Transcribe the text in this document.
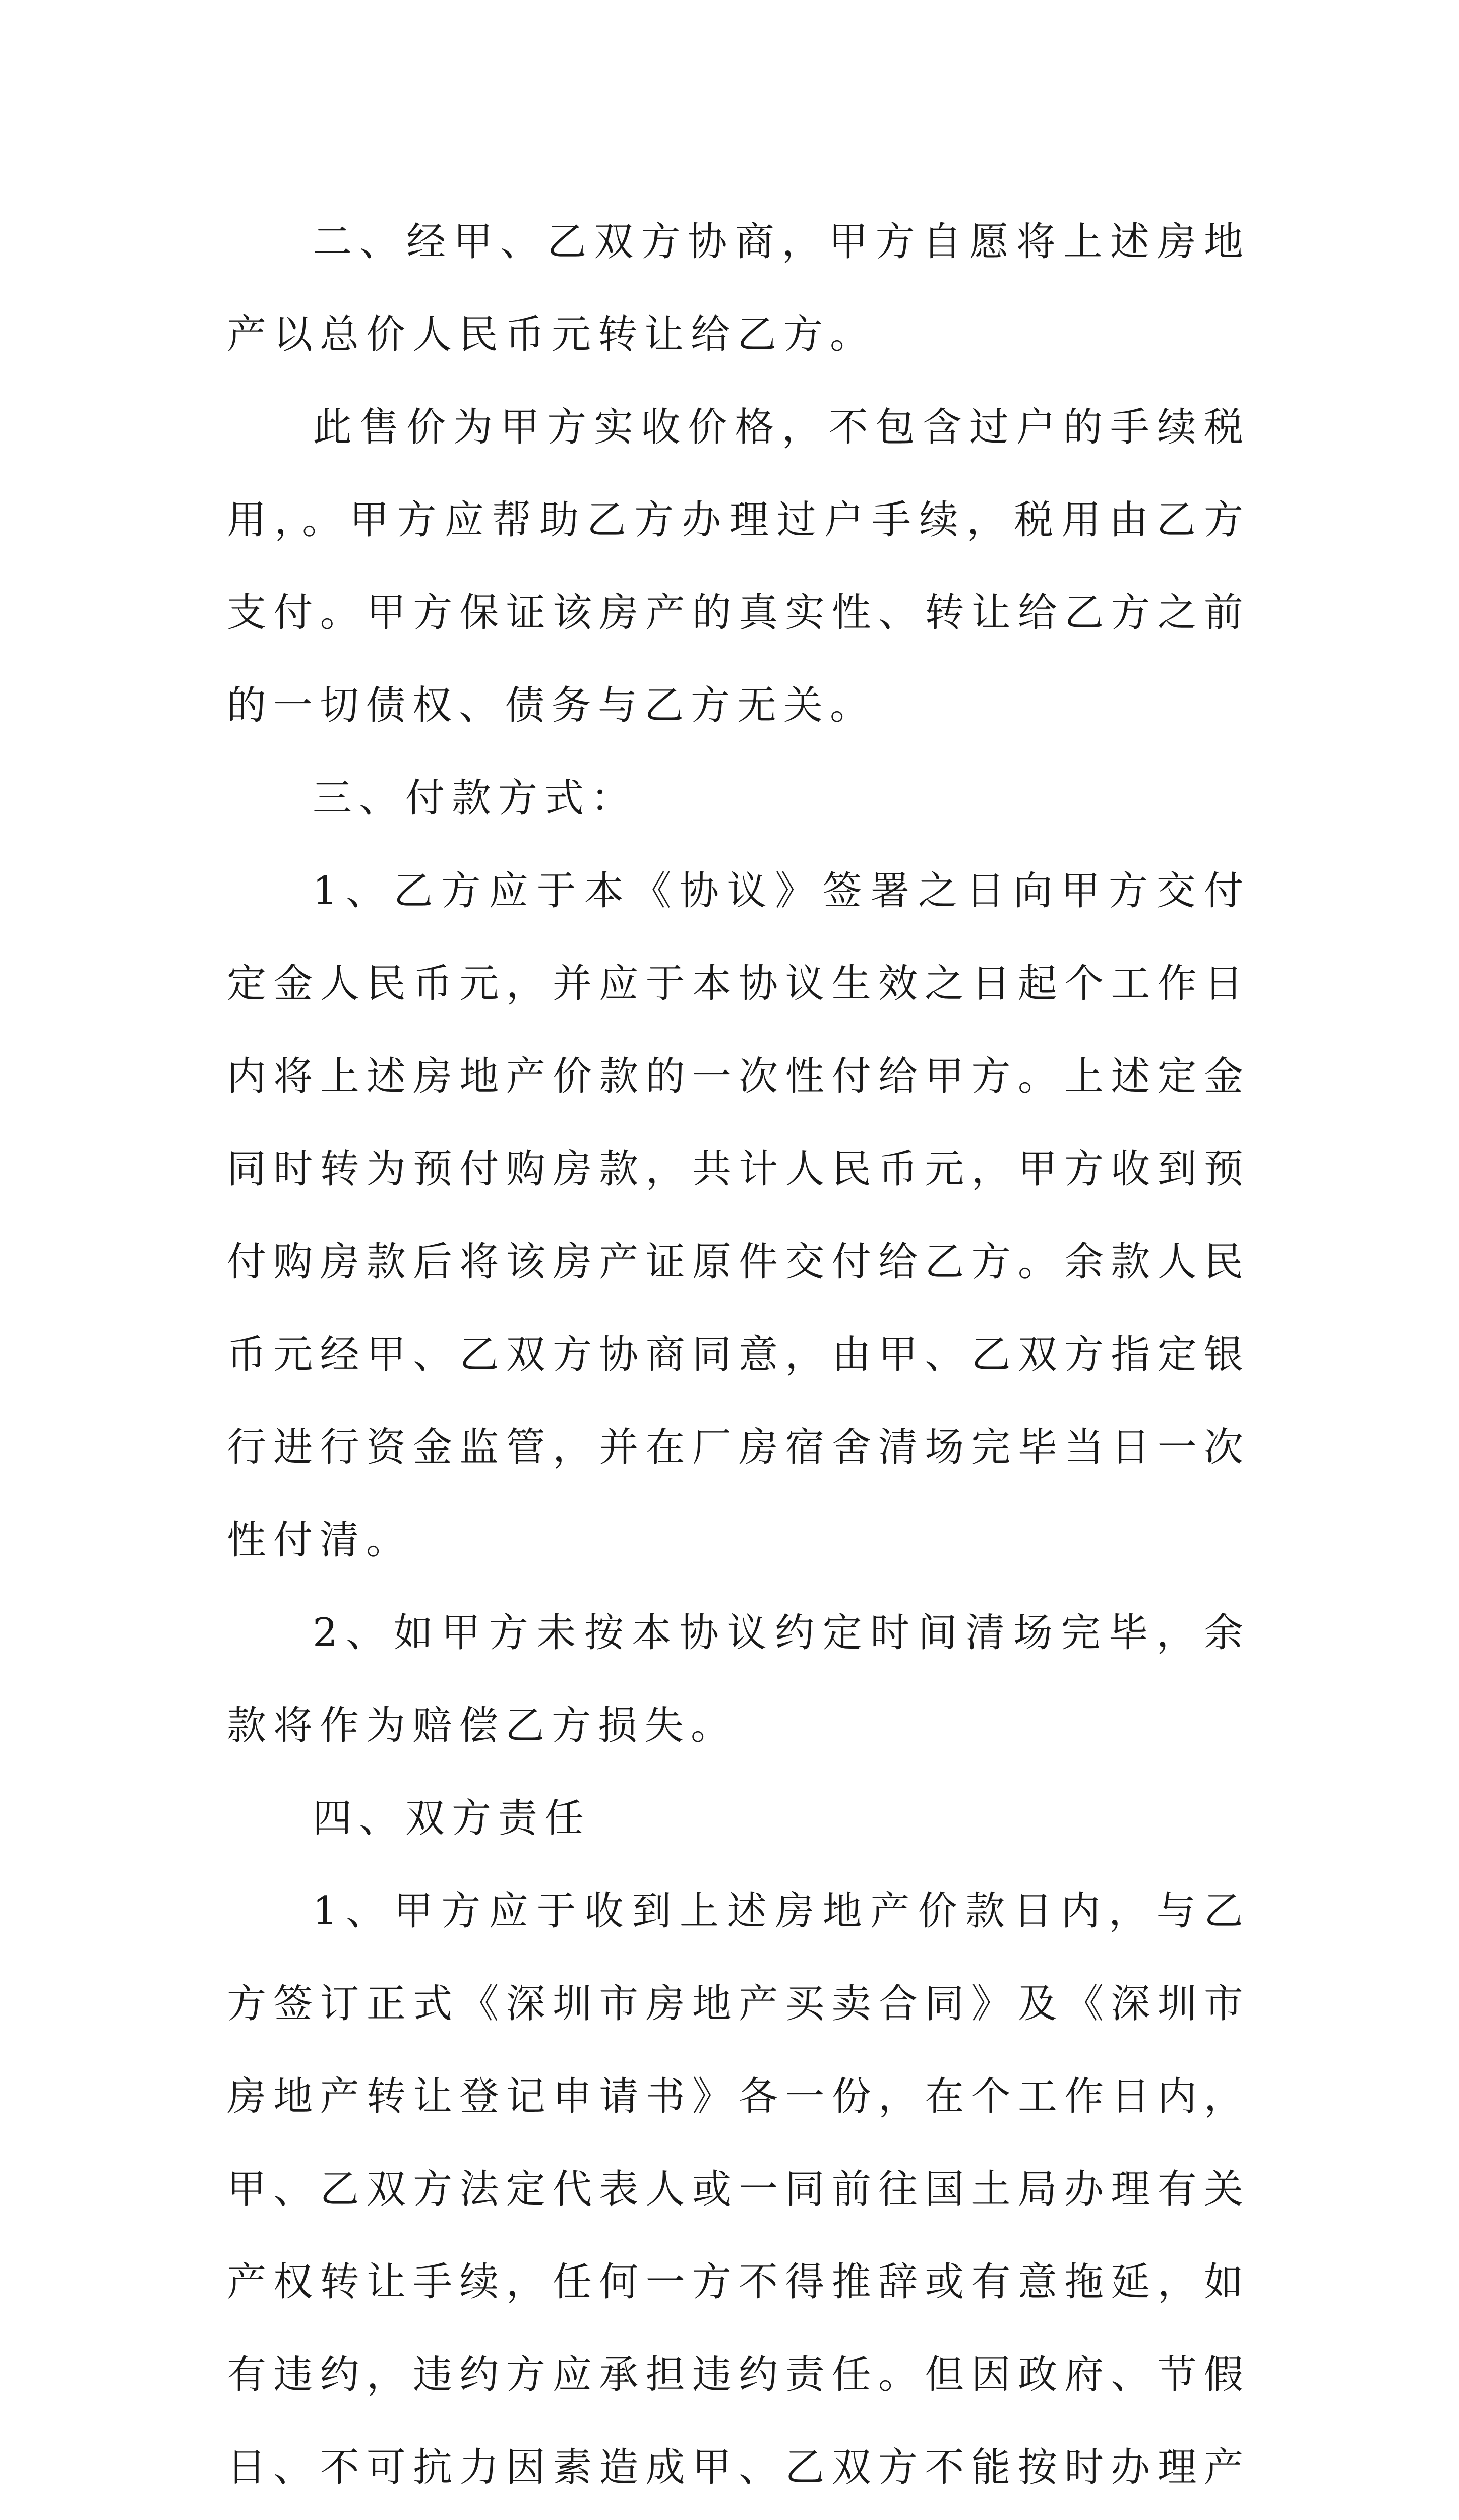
二、经甲、乙双方协商，甲方自愿将上述房地产以总价人民币元转让给乙方。

此售价为甲方实收价格，不包含过户的手续税用，。甲方应帮助乙方办理过户手续，税用由乙方支付。甲方保证该房产的真实性、转让给乙方之前的一切债权、债务与乙方无关。

三、付款方式：

1、乙方应于本《协议》签署之日向甲方交付定金人民币元，并应于本协议生效之日起个工作日内将上述房地产价款的一次性付给甲方。上述定金同时转为预付购房款，共计人民币元，甲方收到预付购房款后将该房产证原件交付给乙方。余款人民币元经甲、乙双方协商同意，由甲、乙双方指定银行进行资金监管，并在厂房宿舍清场完毕当日一次性付清。

2、如甲方未按本协议约定时间清场完毕，余款将作为赔偿乙方损失。

四、双方责任

1、甲方应于收到上述房地产价款日内，与乙方签订正式《深圳市房地产买卖合同》及《深圳市房地产转让登记申请书》各一份，在个工作日内，甲、乙双方法定代表人或一同前往国土局办理有关产权转让手续，任何一方不得推辞或有意拖延，如有违约，违约方应承担违约责任。但因政府、节假日、不可抗力因素造成甲、乙双方不能按时办理产
